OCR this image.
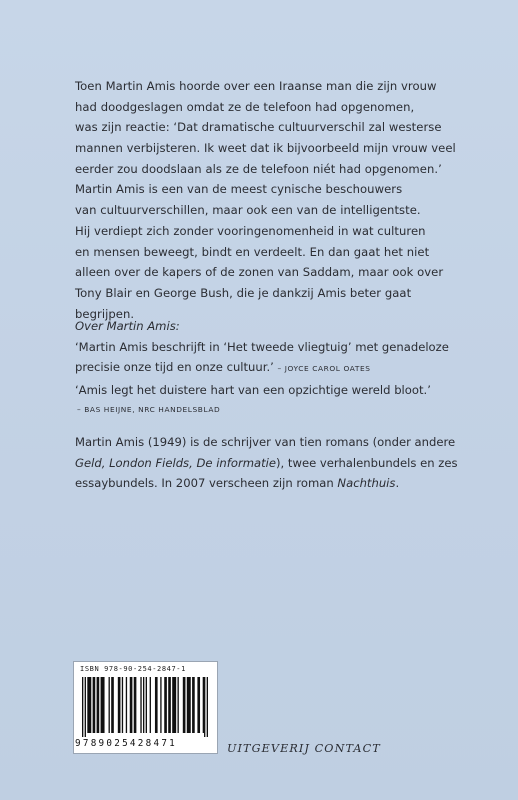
Toen Martin Amis hoorde over een Iraanse man die zijn vrouw
had doodgeslagen omdat ze de telefoon had opgenomen,
was zijn reactie: ‘Dat dramatische cultuurverschil zal westerse
mannen verbijsteren. Ik weet dat ik bijvoorbeeld mijn vrouw veel
eerder zou doodslaan als ze de telefoon niét had opgenomen.’
Martin Amis is een van de meest cynische beschouwers
van cultuurverschillen, maar ook een van de intelligentste.
Hij verdiept zich zonder vooringenomenheid in wat culturen
en mensen beweegt, bindt en verdeelt. En dan gaat het niet
alleen over de kapers of de zonen van Saddam, maar ook over
Tony Blair en George Bush, die je dankzij Amis beter gaat
begrijpen.
Over Martin Amis:
‘Martin Amis beschrijft in ‘Het tweede vliegtuig’ met genadeloze
precisie onze tijd en onze cultuur.’ – JOYCE CAROL OATES
‘Amis legt het duistere hart van een opzichtige wereld bloot.’
– BAS HEIJNE, NRC HANDELSBLAD
Martin Amis (1949) is de schrijver van tien romans (onder andere
Geld, London Fields, De informatie), twee verhalenbundels en zes
essaybundels. In 2007 verscheen zijn roman Nachthuis.
ISBN 978-90-254-2847-1
9789025428471	UITGEVERIJ CONTACT
